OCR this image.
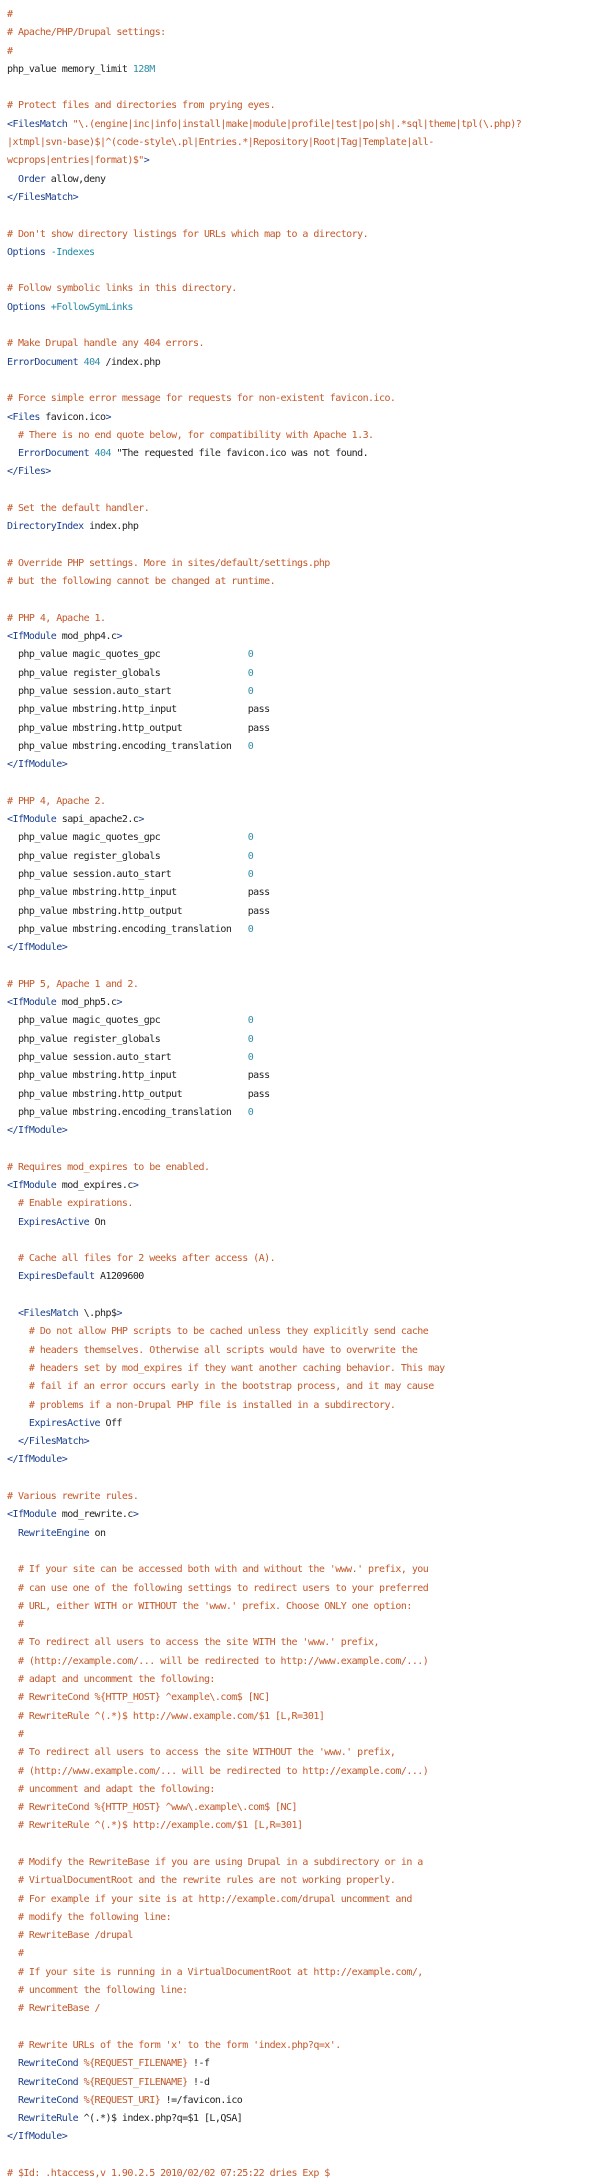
#
# Apache/PHP/Drupal settings:
#
php_value memory_limit 128M

# Protect files and directories from prying eyes.
<FilesMatch "\.(engine|inc|info|install|make|module|profile|test|po|sh|.*sql|theme|tpl(\.php)?
|xtmpl|svn-base)$|^(code-style\.pl|Entries.*|Repository|Root|Tag|Template|all-
wcprops|entries|format)$">
Order allow,deny
</FilesMatch>

# Don't show directory listings for URLs which map to a directory.
Options -Indexes

# Follow symbolic links in this directory.
Options +FollowSymLinks

# Make Drupal handle any 404 errors.
ErrorDocument 404 /index.php

# Force simple error message for requests for non-existent favicon.ico.
<Files favicon.ico>
# There is no end quote below, for compatibility with Apache 1.3.
ErrorDocument 404 "The requested file favicon.ico was not found.
</Files>

# Set the default handler.
DirectoryIndex index.php

# Override PHP settings. More in sites/default/settings.php
# but the following cannot be changed at runtime.

# PHP 4, Apache 1.
<IfModule mod_php4.c>
php_value magic_quotes_gpc                0
php_value register_globals                0
php_value session.auto_start              0
php_value mbstring.http_input             pass
php_value mbstring.http_output            pass
php_value mbstring.encoding_translation   0
</IfModule>

# PHP 4, Apache 2.
<IfModule sapi_apache2.c>
php_value magic_quotes_gpc                0
php_value register_globals                0
php_value session.auto_start              0
php_value mbstring.http_input             pass
php_value mbstring.http_output            pass
php_value mbstring.encoding_translation   0
</IfModule>

# PHP 5, Apache 1 and 2.
<IfModule mod_php5.c>
php_value magic_quotes_gpc                0
php_value register_globals                0
php_value session.auto_start              0
php_value mbstring.http_input             pass
php_value mbstring.http_output            pass
php_value mbstring.encoding_translation   0
</IfModule>

# Requires mod_expires to be enabled.
<IfModule mod_expires.c>
# Enable expirations.
ExpiresActive On

# Cache all files for 2 weeks after access (A).
ExpiresDefault A1209600

<FilesMatch \.php$>
# Do not allow PHP scripts to be cached unless they explicitly send cache
# headers themselves. Otherwise all scripts would have to overwrite the
# headers set by mod_expires if they want another caching behavior. This may
# fail if an error occurs early in the bootstrap process, and it may cause
# problems if a non-Drupal PHP file is installed in a subdirectory.
ExpiresActive Off
</FilesMatch>
</IfModule>

# Various rewrite rules.
<IfModule mod_rewrite.c>
RewriteEngine on

# If your site can be accessed both with and without the 'www.' prefix, you
# can use one of the following settings to redirect users to your preferred
# URL, either WITH or WITHOUT the 'www.' prefix. Choose ONLY one option:
#
# To redirect all users to access the site WITH the 'www.' prefix,
# (http://example.com/... will be redirected to http://www.example.com/...)
# adapt and uncomment the following:
# RewriteCond %{HTTP_HOST} ^example\.com$ [NC]
# RewriteRule ^(.*)$ http://www.example.com/$1 [L,R=301]
#
# To redirect all users to access the site WITHOUT the 'www.' prefix,
# (http://www.example.com/... will be redirected to http://example.com/...)
# uncomment and adapt the following:
# RewriteCond %{HTTP_HOST} ^www\.example\.com$ [NC]
# RewriteRule ^(.*)$ http://example.com/$1 [L,R=301]

# Modify the RewriteBase if you are using Drupal in a subdirectory or in a
# VirtualDocumentRoot and the rewrite rules are not working properly.
# For example if your site is at http://example.com/drupal uncomment and
# modify the following line:
# RewriteBase /drupal
#
# If your site is running in a VirtualDocumentRoot at http://example.com/,
# uncomment the following line:
# RewriteBase /

# Rewrite URLs of the form 'x' to the form 'index.php?q=x'.
RewriteCond %{REQUEST_FILENAME} !-f
RewriteCond %{REQUEST_FILENAME} !-d
RewriteCond %{REQUEST_URI} !=/favicon.ico
RewriteRule ^(.*)$ index.php?q=$1 [L,QSA]
</IfModule>

# $Id: .htaccess,v 1.90.2.5 2010/02/02 07:25:22 dries Exp $
